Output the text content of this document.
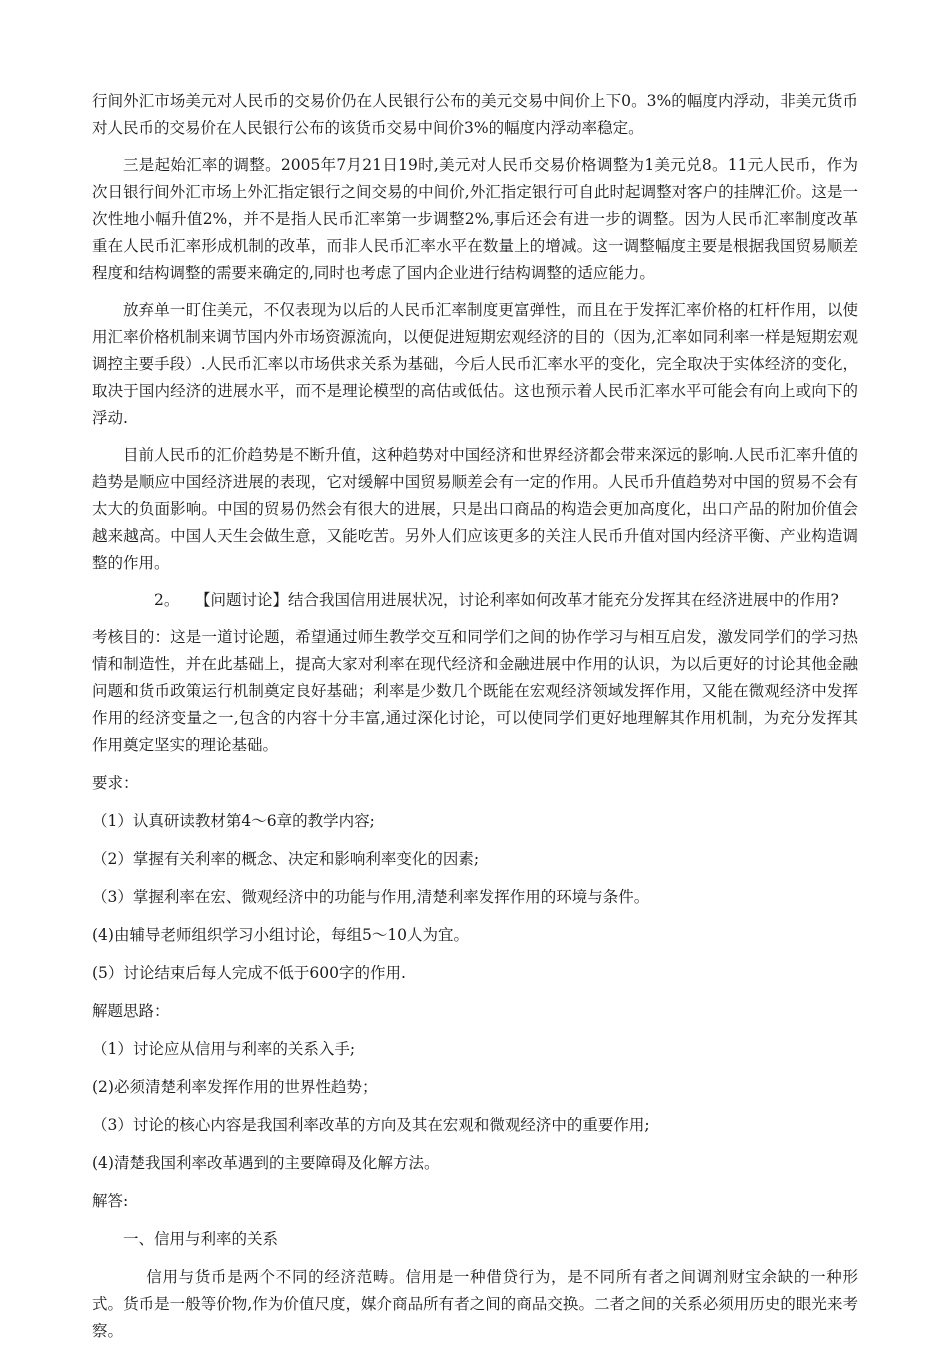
行间外汇市场美元对人民币的交易价仍在人民银行公布的美元交易中间价上下0。3%的幅度内浮动，非美元货币对人民币的交易价在人民银行公布的该货币交易中间价3%的幅度内浮动率稳定。

三是起始汇率的调整。2005年7月21日19时,美元对人民币交易价格调整为1美元兑8。11元人民币，作为次日银行间外汇市场上外汇指定银行之间交易的中间价,外汇指定银行可自此时起调整对客户的挂牌汇价。这是一次性地小幅升值2%，并不是指人民币汇率第一步调整2%,事后还会有进一步的调整。因为人民币汇率制度改革重在人民币汇率形成机制的改革，而非人民币汇率水平在数量上的增减。这一调整幅度主要是根据我国贸易顺差程度和结构调整的需要来确定的,同时也考虑了国内企业进行结构调整的适应能力。

放弃单一盯住美元，不仅表现为以后的人民币汇率制度更富弹性，而且在于发挥汇率价格的杠杆作用，以使用汇率价格机制来调节国内外市场资源流向，以便促进短期宏观经济的目的（因为,汇率如同利率一样是短期宏观调控主要手段）.人民币汇率以市场供求关系为基础，今后人民币汇率水平的变化，完全取决于实体经济的变化，取决于国内经济的进展水平，而不是理论模型的高估或低估。这也预示着人民币汇率水平可能会有向上或向下的浮动.

目前人民币的汇价趋势是不断升值，这种趋势对中国经济和世界经济都会带来深远的影响.人民币汇率升值的趋势是顺应中国经济进展的表现，它对缓解中国贸易顺差会有一定的作用。人民币升值趋势对中国的贸易不会有太大的负面影响。中国的贸易仍然会有很大的进展，只是出口商品的构造会更加高度化，出口产品的附加价值会越来越高。中国人天生会做生意，又能吃苦。另外人们应该更多的关注人民币升值对国内经济平衡、产业构造调整的作用。

2。 【问题讨论】结合我国信用进展状况，讨论利率如何改革才能充分发挥其在经济进展中的作用?

考核目的：这是一道讨论题，希望通过师生教学交互和同学们之间的协作学习与相互启发，激发同学们的学习热情和制造性，并在此基础上，提高大家对利率在现代经济和金融进展中作用的认识，为以后更好的讨论其他金融问题和货币政策运行机制奠定良好基础；利率是少数几个既能在宏观经济领域发挥作用，又能在微观经济中发挥作用的经济变量之一,包含的内容十分丰富,通过深化讨论，可以使同学们更好地理解其作用机制，为充分发挥其作用奠定坚实的理论基础。

要求：

（1）认真研读教材第4～6章的教学内容;

（2）掌握有关利率的概念、决定和影响利率变化的因素;

（3）掌握利率在宏、微观经济中的功能与作用,清楚利率发挥作用的环境与条件。

(4)由辅导老师组织学习小组讨论，每组5～10人为宜。

(5）讨论结束后每人完成不低于600字的作用.

解题思路：

（1）讨论应从信用与利率的关系入手;

(2)必须清楚利率发挥作用的世界性趋势；

（3）讨论的核心内容是我国利率改革的方向及其在宏观和微观经济中的重要作用;

(4)清楚我国利率改革遇到的主要障碍及化解方法。

解答:

一、信用与利率的关系

信用与货币是两个不同的经济范畴。信用是一种借贷行为，是不同所有者之间调剂财宝余缺的一种形式。货币是一般等价物,作为价值尺度，媒介商品所有者之间的商品交换。二者之间的关系必须用历史的眼光来考察。
